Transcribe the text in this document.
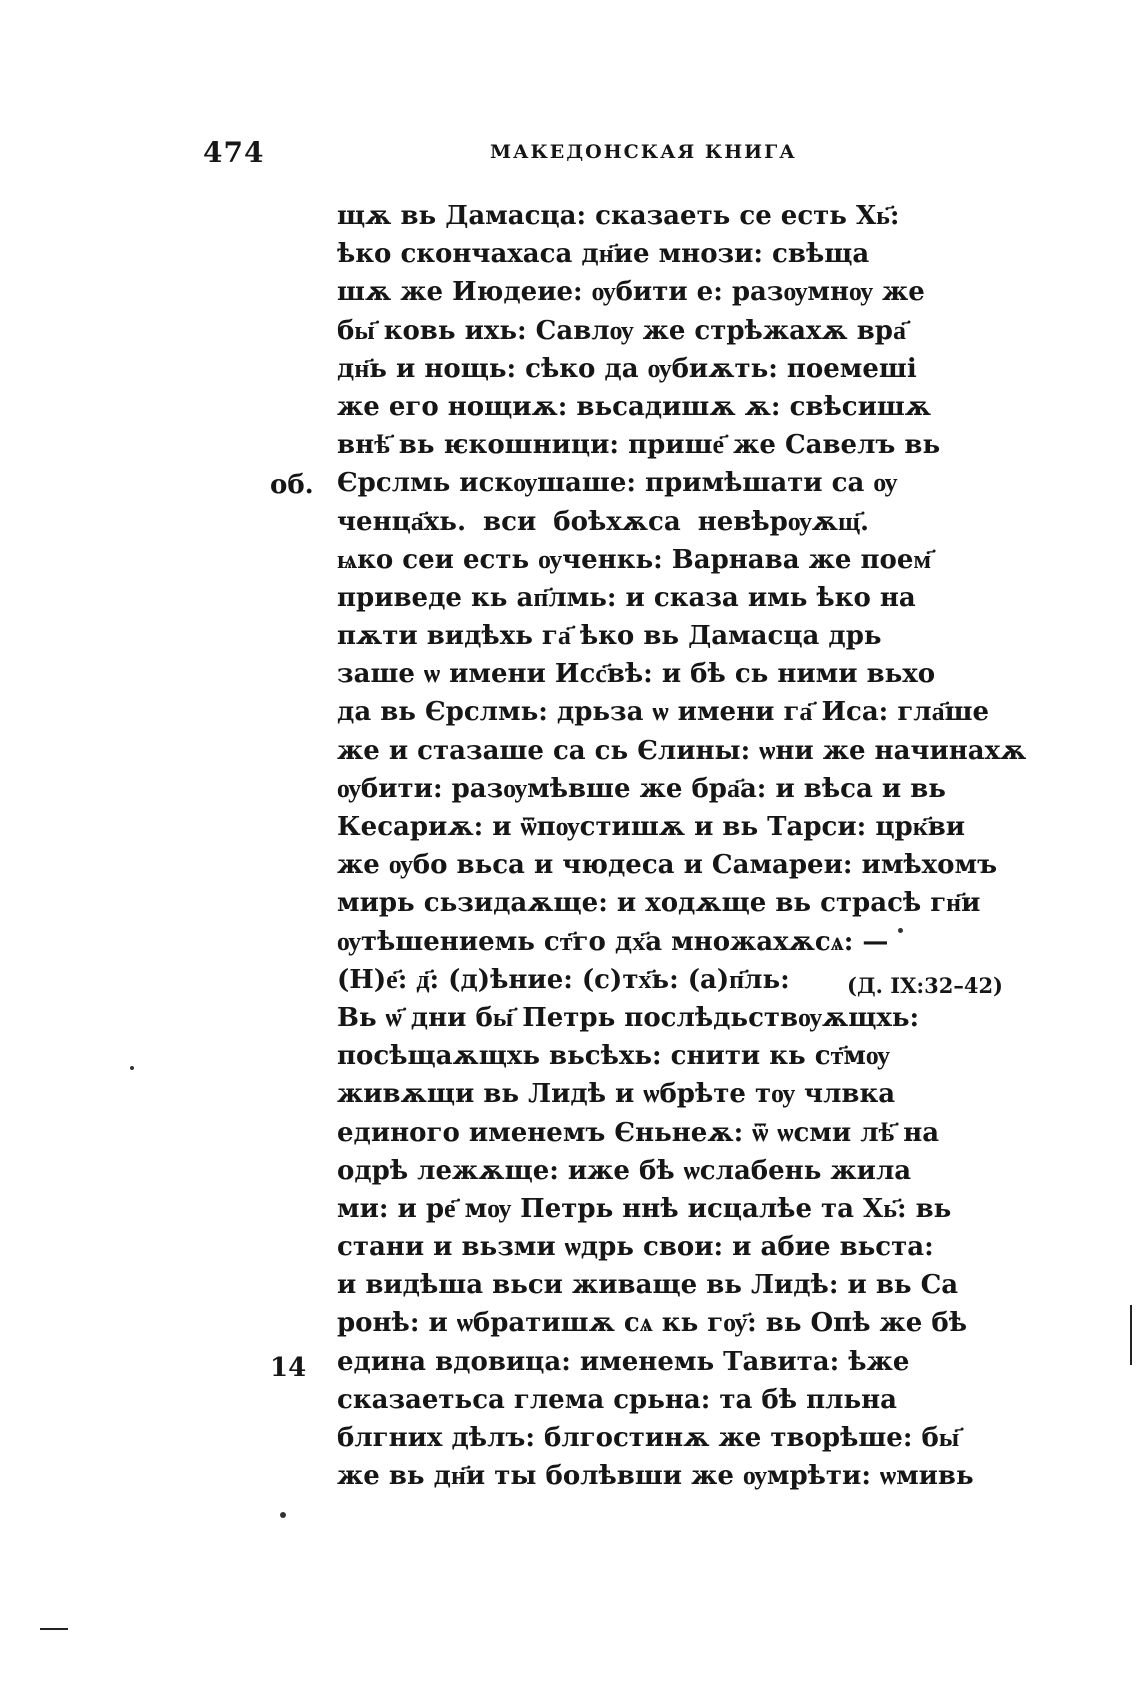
474	МАКЕДОНСКАЯ КНИГА
об.
14
(Д. IX:32–42)
щѫ вь Дамасца: сказаеть се есть Хь҃:
ѣко скончахаса дн҃ие мнози: свѣща
шѫ же Июдеие: ѹбити е: разѹмнѹ же
бы҃ ковь ихь: Савлѹ же стрѣжахѫ вра҃
дн҃ь и нощь: сѣко да ѹбиѫть: поемеші
же его нощиѫ: вьсадишѫ ѫ: свѣсишѫ
внѣ҃ вь ѥкошници: прише҃ же Савелъ вь
Єрслмь искѹшаше: примѣшати са ѹ
ченца҃хь. вси боѣхѫса невѣрѹѫщ҃.
ѩко сеи есть ѹченкь: Варнава же поем҃
приведе кь ап҃лмь: и сказа имь ѣко на
пѫти видѣхь га҃ ѣко вь Дамасца дрь
заше ѡ имени Исс҃вѣ: и бѣ сь ними вьхо
да вь Єрслмь: дрьза ѡ имени га҃ Иса: гла҃ше
же и стазаше са сь Єлины: ѡни же начинахѫ
ѹбити: разѹмѣвше же бра҃а: и вѣса и вь
Кесариѫ: и ѿпѹстишѫ и вь Тарси: црк҃ви
же ѹбо вьса и чюдеса и Самареи: имѣхомъ
мирь сьзидаѫще: и ходѫще вь страсѣ гн҃и
ѹтѣшениемь ст҃го дх҃а множахѫсѧ: —
(Н)е҃: д҃: (д)ѣние: (с)тх҃ь: (а)п҃ль:
Вь ѡ҃ дни бы҃ Петрь послѣдьствѹѫщхь:
посѣщаѫщхь вьсѣхь: снити кь ст҃мѹ
живѫщи вь Лидѣ и ѡбрѣте тѹ члвка
единого именемъ Єньнеѫ: ѿ ѡсми лѣ҃ на
одрѣ лежѫще: иже бѣ ѡслабень жила
ми: и ре҃ мѹ Петрь ннѣ исцалѣе та Хь҃: вь
стани и вьзми ѡдрь свои: и абие вьста:
и видѣша вьси живаще вь Лидѣ: и вь Са
ронѣ: и ѡбратишѫ сѧ кь гѹ҃: вь Опѣ же бѣ
едина вдовица: именемь Тавита: ѣже
сказаетьса глема срьна: та бѣ пльна
блгних дѣлъ: блгостинѫ же творѣше: бы҃
же вь дн҃и ты болѣвши же ѹмрѣти: ѡмивь
